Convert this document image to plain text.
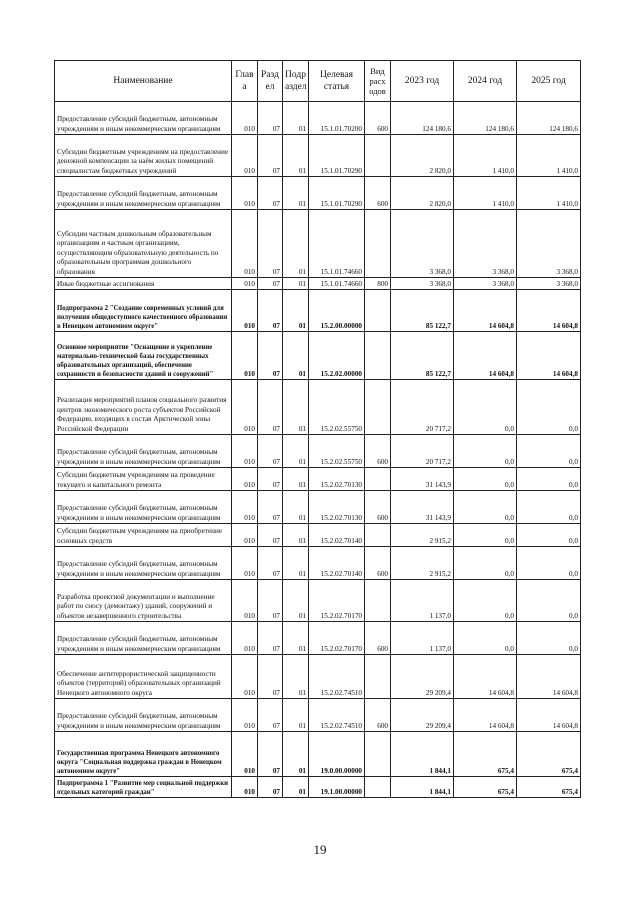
Наименование	Глав а	Разд ел	Подр аздел	Целевая статья	Вид расх одов	2023 год	2024 год	2025 год
Предоставление субсидий бюджетным, автономным учреждениям и иным некоммерческим организациям	010	07	01	15.1.01.70200	600	124 180,6	124 180,6	124 180,6
Субсидии бюджетным учреждениям на предоставление денежной компенсации за наём жилых помещений специалистам бюджетных учреждений	010	07	01	15.1.01.70290		2 820,0	1 410,0	1 410,0
Предоставление субсидий бюджетным, автономным учреждениям и иным некоммерческим организациям	010	07	01	15.1.01.70290	600	2 820,0	1 410,0	1 410,0
Субсидии частным дошкольным образовательным организациям и частным организациям, осуществляющим образовательную деятельность по образовательным программам дошкольного образования	010	07	01	15.1.01.74660		3 368,0	3 368,0	3 368,0
Иные бюджетные ассигнования	010	07	01	15.1.01.74660	800	3 368,0	3 368,0	3 368,0
Подпрограмма 2 "Создание современных условий для получения общедоступного качественного образования в Ненецком автономном округе"	010	07	01	15.2.00.00000		85 122,7	14 604,8	14 604,8
Основное мероприятие "Оснащение и укрепление материально-технической базы государственных образовательных организаций, обеспечение сохранности и безопасности зданий и сооружений"	010	07	01	15.2.02.00000		85 122,7	14 604,8	14 604,8
Реализация мероприятий планов социального развития центров экономического роста субъектов Российской Федерации, входящих в состав Арктической зоны Российской Федерации	010	07	01	15.2.02.55750		20 717,2	0,0	0,0
Предоставление субсидий бюджетным, автономным учреждениям и иным некоммерческим организациям	010	07	01	15.2.02.55750	600	20 717,2	0,0	0,0
Субсидии бюджетным учреждениям на проведение текущего и капитального ремонта	010	07	01	15.2.02.70130		31 143,9	0,0	0,0
Предоставление субсидий бюджетным, автономным учреждениям и иным некоммерческим организациям	010	07	01	15.2.02.70130	600	31 143,9	0,0	0,0
Субсидии бюджетным учреждениям на приобретение основных средств	010	07	01	15.2.02.70140		2 915,2	0,0	0,0
Предоставление субсидий бюджетным, автономным учреждениям и иным некоммерческим организациям	010	07	01	15.2.02.70140	600	2 915,2	0,0	0,0
Разработка проектной документации и выполнение работ по сносу (демонтажу) зданий, сооружений и объектов незавершенного строительства	010	07	01	15.2.02.70170		1 137,0	0,0	0,0
Предоставление субсидий бюджетным, автономным учреждениям и иным некоммерческим организациям	010	07	01	15.2.02.70170	600	1 137,0	0,0	0,0
Обеспечение антитеррористической защищенности объектов (территорий) образовательных организаций Ненецкого автономного округа	010	07	01	15.2.02.74510		29 209,4	14 604,8	14 604,8
Предоставление субсидий бюджетным, автономным учреждениям и иным некоммерческим организациям	010	07	01	15.2.02.74510	600	29 209,4	14 604,8	14 604,8
Государственная программа Ненецкого автономного округа "Социальная поддержка граждан в Ненецком автономном округе"	010	07	01	19.0.00.00000		1 844,1	675,4	675,4
Подпрограмма 1 "Развитие мер социальной поддержки отдельных категорий граждан"	010	07	01	19.1.00.00000		1 844,1	675,4	675,4
19
